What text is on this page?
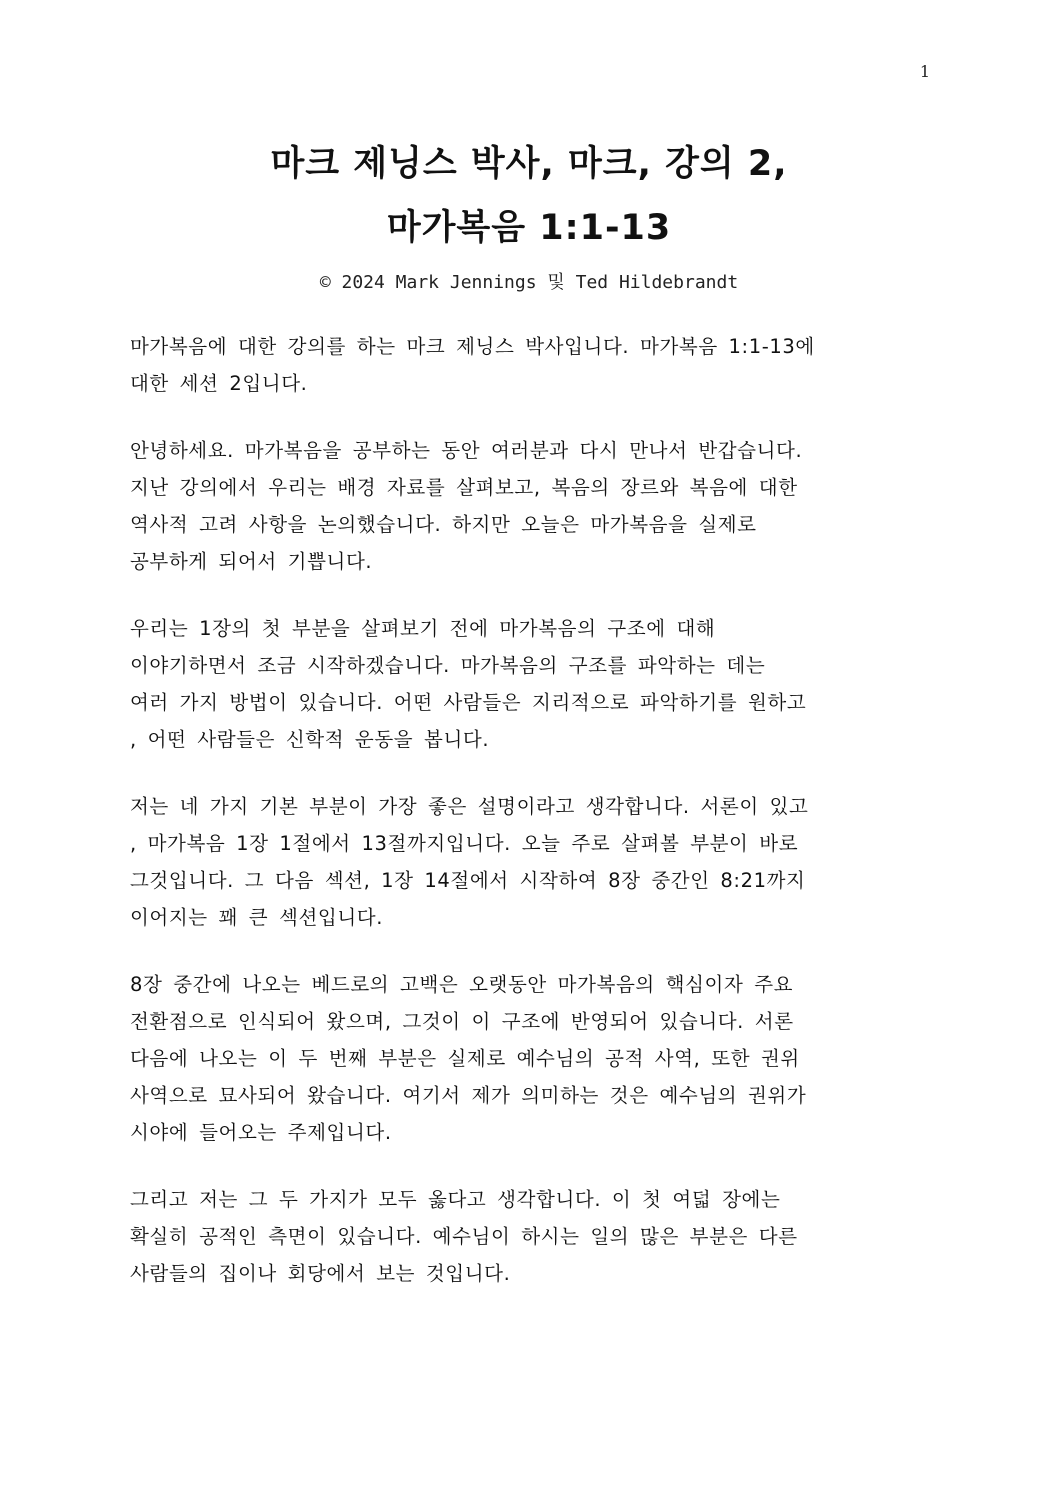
1
마크 제닝스 박사, 마크, 강의 2,
마가복음 1:1-13
© 2024 Mark Jennings 및 Ted Hildebrandt
마가복음에 대한 강의를 하는 마크 제닝스 박사입니다. 마가복음 1:1-13에
대한 세션 2입니다.
안녕하세요. 마가복음을 공부하는 동안 여러분과 다시 만나서 반갑습니다.
지난 강의에서 우리는 배경 자료를 살펴보고, 복음의 장르와 복음에 대한
역사적 고려 사항을 논의했습니다. 하지만 오늘은 마가복음을 실제로
공부하게 되어서 기쁩니다.
우리는 1장의 첫 부분을 살펴보기 전에 마가복음의 구조에 대해
이야기하면서 조금 시작하겠습니다. 마가복음의 구조를 파악하는 데는
여러 가지 방법이 있습니다. 어떤 사람들은 지리적으로 파악하기를 원하고
, 어떤 사람들은 신학적 운동을 봅니다.
저는 네 가지 기본 부분이 가장 좋은 설명이라고 생각합니다. 서론이 있고
, 마가복음 1장 1절에서 13절까지입니다. 오늘 주로 살펴볼 부분이 바로
그것입니다. 그 다음 섹션, 1장 14절에서 시작하여 8장 중간인 8:21까지
이어지는 꽤 큰 섹션입니다.
8장 중간에 나오는 베드로의 고백은 오랫동안 마가복음의 핵심이자 주요
전환점으로 인식되어 왔으며, 그것이 이 구조에 반영되어 있습니다. 서론
다음에 나오는 이 두 번째 부분은 실제로 예수님의 공적 사역, 또한 권위
사역으로 묘사되어 왔습니다. 여기서 제가 의미하는 것은 예수님의 권위가
시야에 들어오는 주제입니다.
그리고 저는 그 두 가지가 모두 옳다고 생각합니다. 이 첫 여덟 장에는
확실히 공적인 측면이 있습니다. 예수님이 하시는 일의 많은 부분은 다른
사람들의 집이나 회당에서 보는 것입니다.
